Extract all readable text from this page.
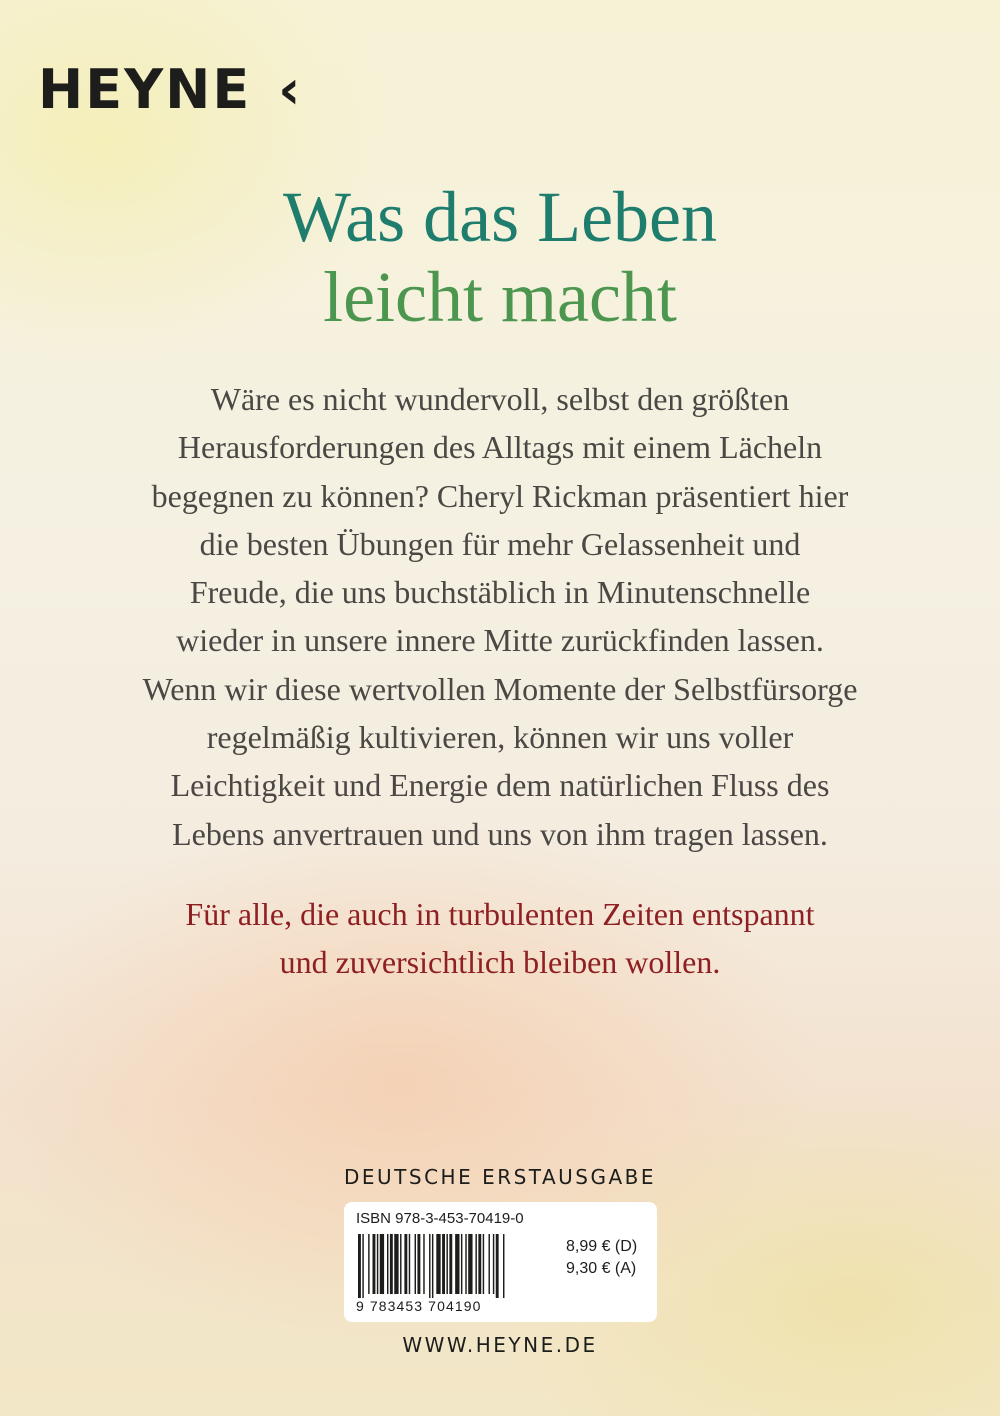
HEYNE ‹
Was das Leben
leicht macht
Wäre es nicht wundervoll, selbst den größten
Herausforderungen des Alltags mit einem Lächeln
begegnen zu können? Cheryl Rickman präsentiert hier
die besten Übungen für mehr Gelassenheit und
Freude, die uns buchstäblich in Minutenschnelle
wieder in unsere innere Mitte zurückfinden lassen.
Wenn wir diese wertvollen Momente der Selbstfürsorge
regelmäßig kultivieren, können wir uns voller
Leichtigkeit und Energie dem natürlichen Fluss des
Lebens anvertrauen und uns von ihm tragen lassen.
Für alle, die auch in turbulenten Zeiten entspannt
und zuversichtlich bleiben wollen.
DEUTSCHE ERSTAUSGABE
ISBN 978-3-453-70419-0
9 783453 704190
8,99 € (D)
9,30 € (A)
WWW.HEYNE.DE
